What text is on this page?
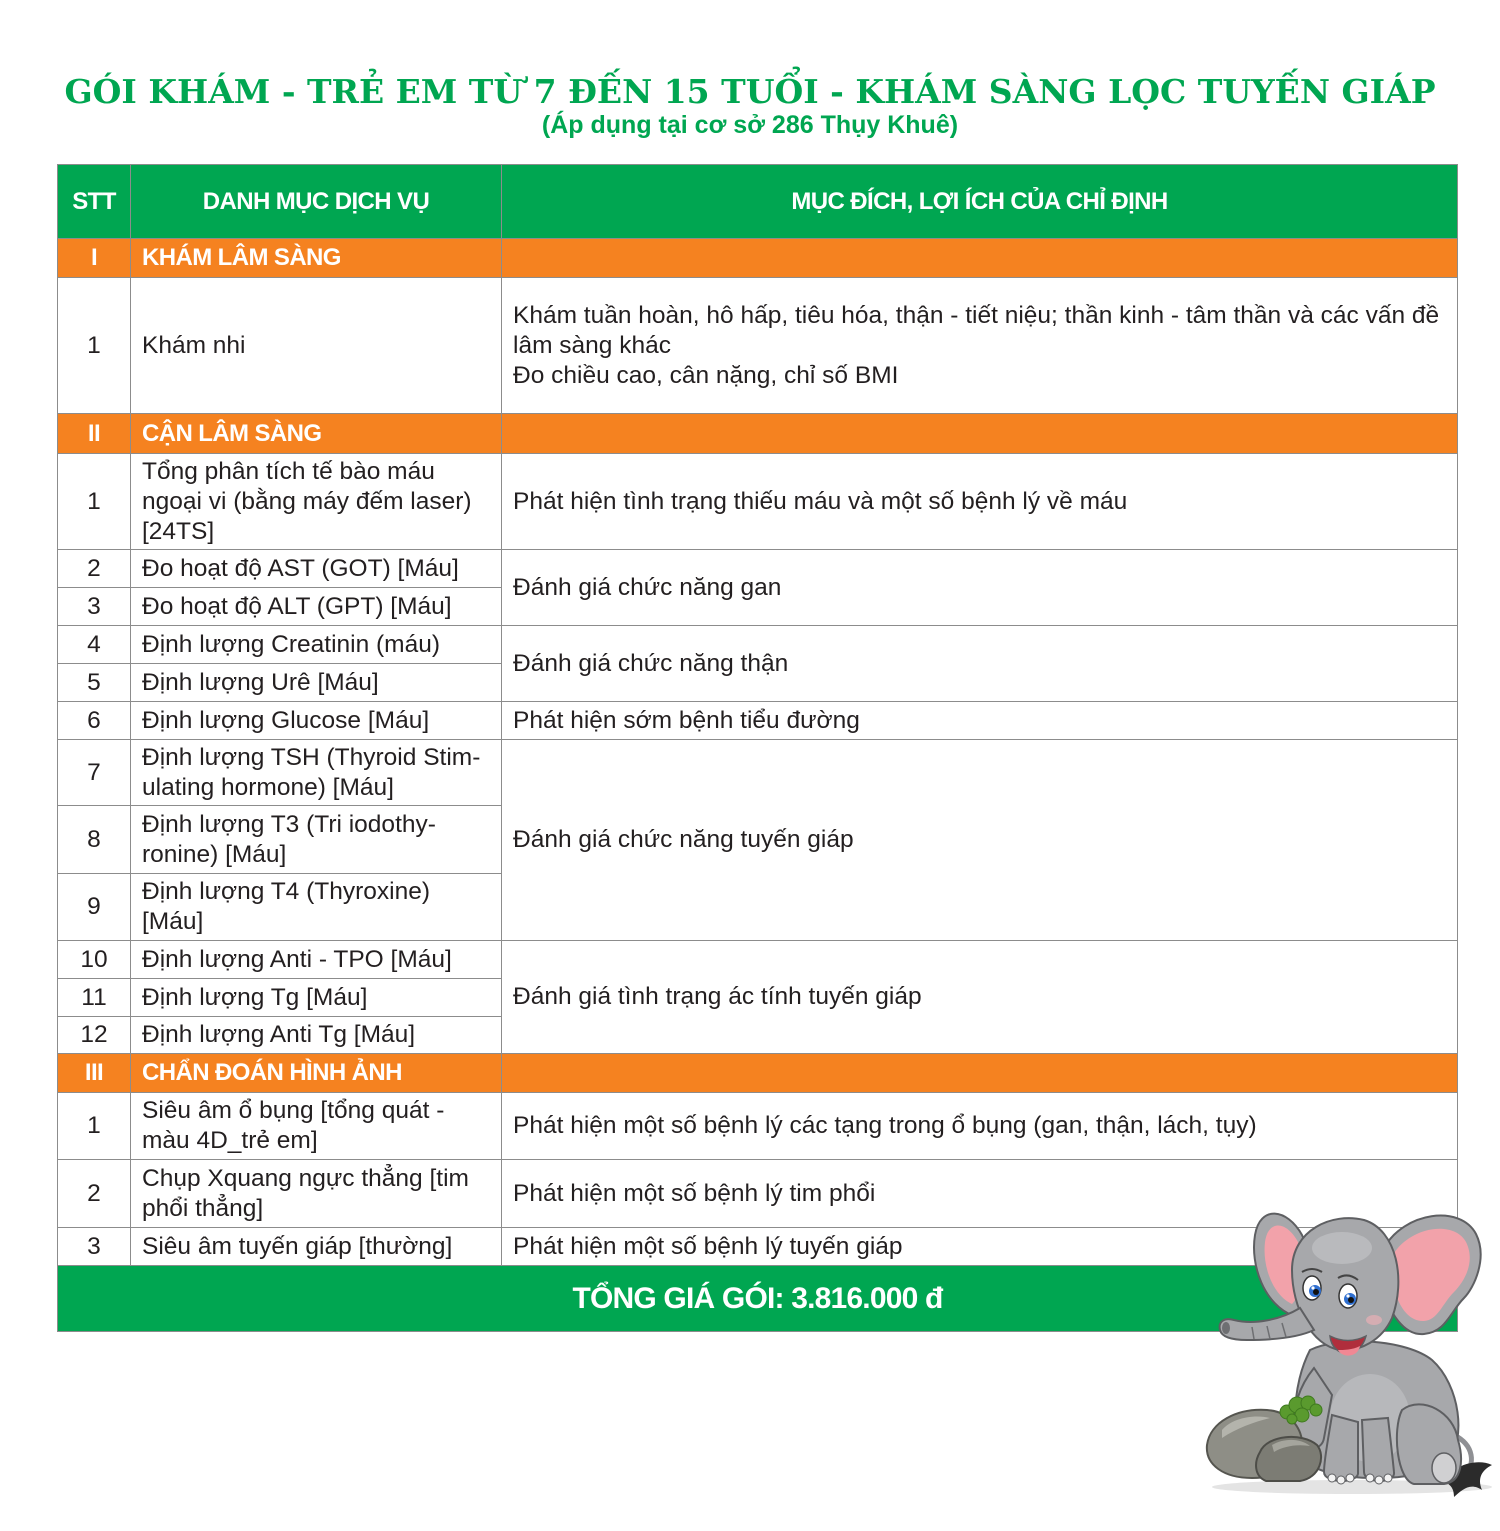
GÓI KHÁM - TRẺ EM TỪ 7 ĐẾN 15 TUỔI - KHÁM SÀNG LỌC TUYẾN GIÁP
(Áp dụng tại cơ sở 286 Thụy Khuê)
STT	DANH MỤC DỊCH VỤ	MỤC ĐÍCH, LỢI ÍCH CỦA CHỈ ĐỊNH
I	KHÁM LÂM SÀNG	
1	Khám nhi	Khám tuần hoàn, hô hấp, tiêu hóa, thận - tiết niệu; thần kinh - tâm thần và các vấn đề
lâm sàng khác
Đo chiều cao, cân nặng, chỉ số BMI
II	CẬN LÂM SÀNG	
1	Tổng phân tích tế bào máu
ngoại vi (bằng máy đếm laser)
[24TS]	Phát hiện tình trạng thiếu máu và một số bệnh lý về máu
2	Đo hoạt độ AST (GOT) [Máu]	Đánh giá chức năng gan
3	Đo hoạt độ ALT (GPT) [Máu]	
4	Định lượng Creatinin (máu)	Đánh giá chức năng thận
5	Định lượng Urê [Máu]	
6	Định lượng Glucose [Máu]	Phát hiện sớm bệnh tiểu đường
7	Định lượng TSH (Thyroid Stim-
ulating hormone) [Máu]	Đánh giá chức năng tuyến giáp
8	Định lượng T3 (Tri iodothy-
ronine) [Máu]	
9	Định lượng T4 (Thyroxine)
[Máu]	
10	Định lượng Anti - TPO [Máu]	Đánh giá tình trạng ác tính tuyến giáp
11	Định lượng Tg [Máu]	
12	Định lượng Anti Tg [Máu]	
III	CHẨN ĐOÁN HÌNH ẢNH	
1	Siêu âm ổ bụng [tổng quát -
màu 4D_trẻ em]	Phát hiện một số bệnh lý các tạng trong ổ bụng (gan, thận, lách, tụy)
2	Chụp Xquang ngực thẳng [tim
phổi thẳng]	Phát hiện một số bệnh lý tim phổi
3	Siêu âm tuyến giáp [thường]	Phát hiện một số bệnh lý tuyến giáp
TỔNG GIÁ GÓI: 3.816.000 đ		
